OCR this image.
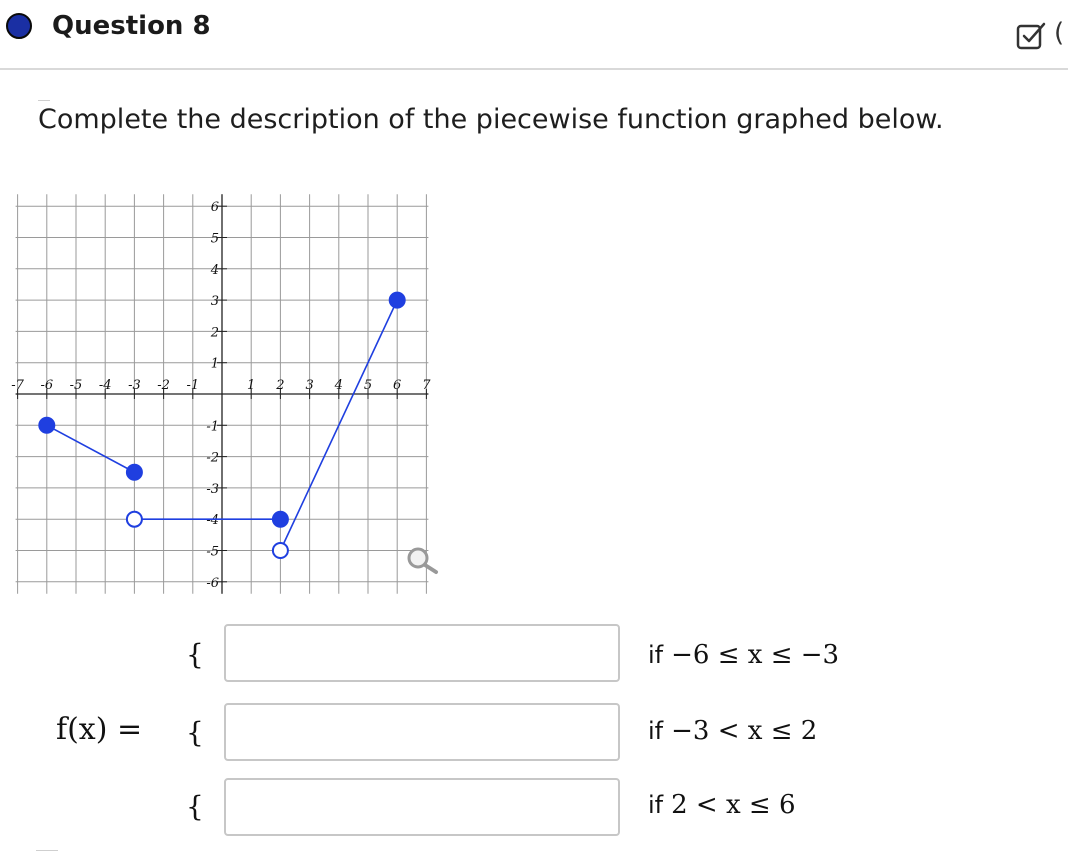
Question 8	(
Complete the description of the piecewise function graphed below.
-7 -6 -5 -4 -3 -2 -1	1 2 3 4 5 6 7
6
5
4
3
2
1
-1
-2
-3
-4
-5
-6
f(x) =
{	if −6 ≤ x ≤ −3
{	if −3 < x ≤ 2
{	if 2 < x ≤ 6
